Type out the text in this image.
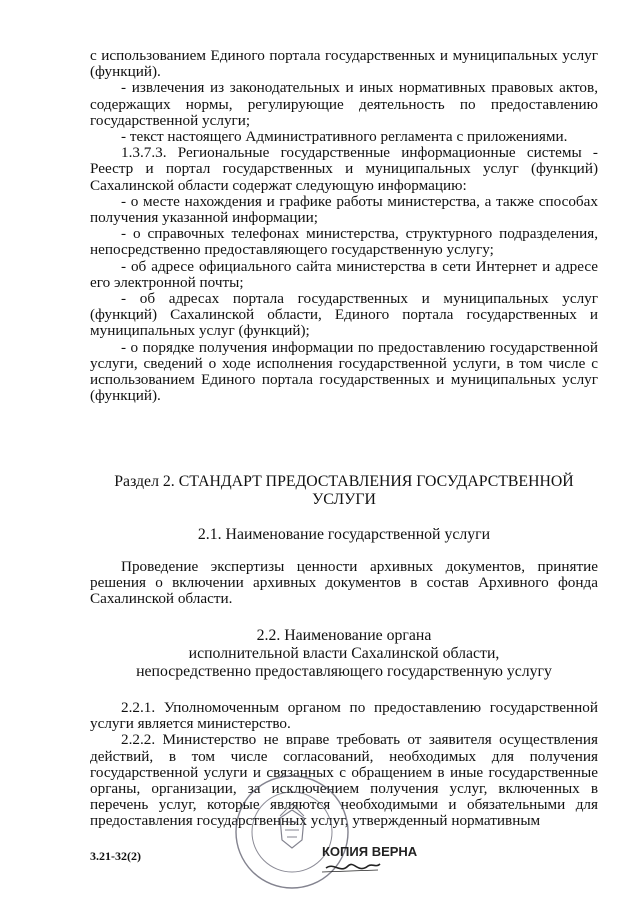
с использованием Единого портала государственных и муниципальных услуг (функций).

- извлечения из законодательных и иных нормативных правовых актов, содержащих нормы, регулирующие деятельность по предоставлению государственной услуги;

- текст настоящего Административного регламента с приложениями.

1.3.7.3. Региональные государственные информационные системы - Реестр и портал государственных и муниципальных услуг (функций) Сахалинской области содержат следующую информацию:

- о месте нахождения и графике работы министерства, а также способах получения указанной информации;

- о справочных телефонах министерства, структурного подразделения, непосредственно предоставляющего государственную услугу;

- об адресе официального сайта министерства в сети Интернет и адресе его электронной почты;

- об адресах портала государственных и муниципальных услуг (функций) Сахалинской области, Единого портала государственных и муниципальных услуг (функций);

- о порядке получения информации по предоставлению государственной услуги, сведений о ходе исполнения государственной услуги, в том числе с использованием Единого портала государственных и муниципальных услуг (функций).

Раздел 2. СТАНДАРТ ПРЕДОСТАВЛЕНИЯ ГОСУДАРСТВЕННОЙ
УСЛУГИ
2.1. Наименование государственной услуги

Проведение экспертизы ценности архивных документов, принятие решения о включении архивных документов в состав Архивного фонда Сахалинской области.

2.2. Наименование органа
исполнительной власти Сахалинской области,
непосредственно предоставляющего государственную услугу

2.2.1. Уполномоченным органом по предоставлению государственной услуги является министерство.

2.2.2. Министерство не вправе требовать от заявителя осуществления действий, в том числе согласований, необходимых для получения государственной услуги и связанных с обращением в иные государственные органы, организации, за исключением получения услуг, включенных в перечень услуг, которые являются необходимыми и обязательными для предоставления государственных услуг, утвержденный нормативным

3.21-32(2)	КОПИЯ ВЕРНА
